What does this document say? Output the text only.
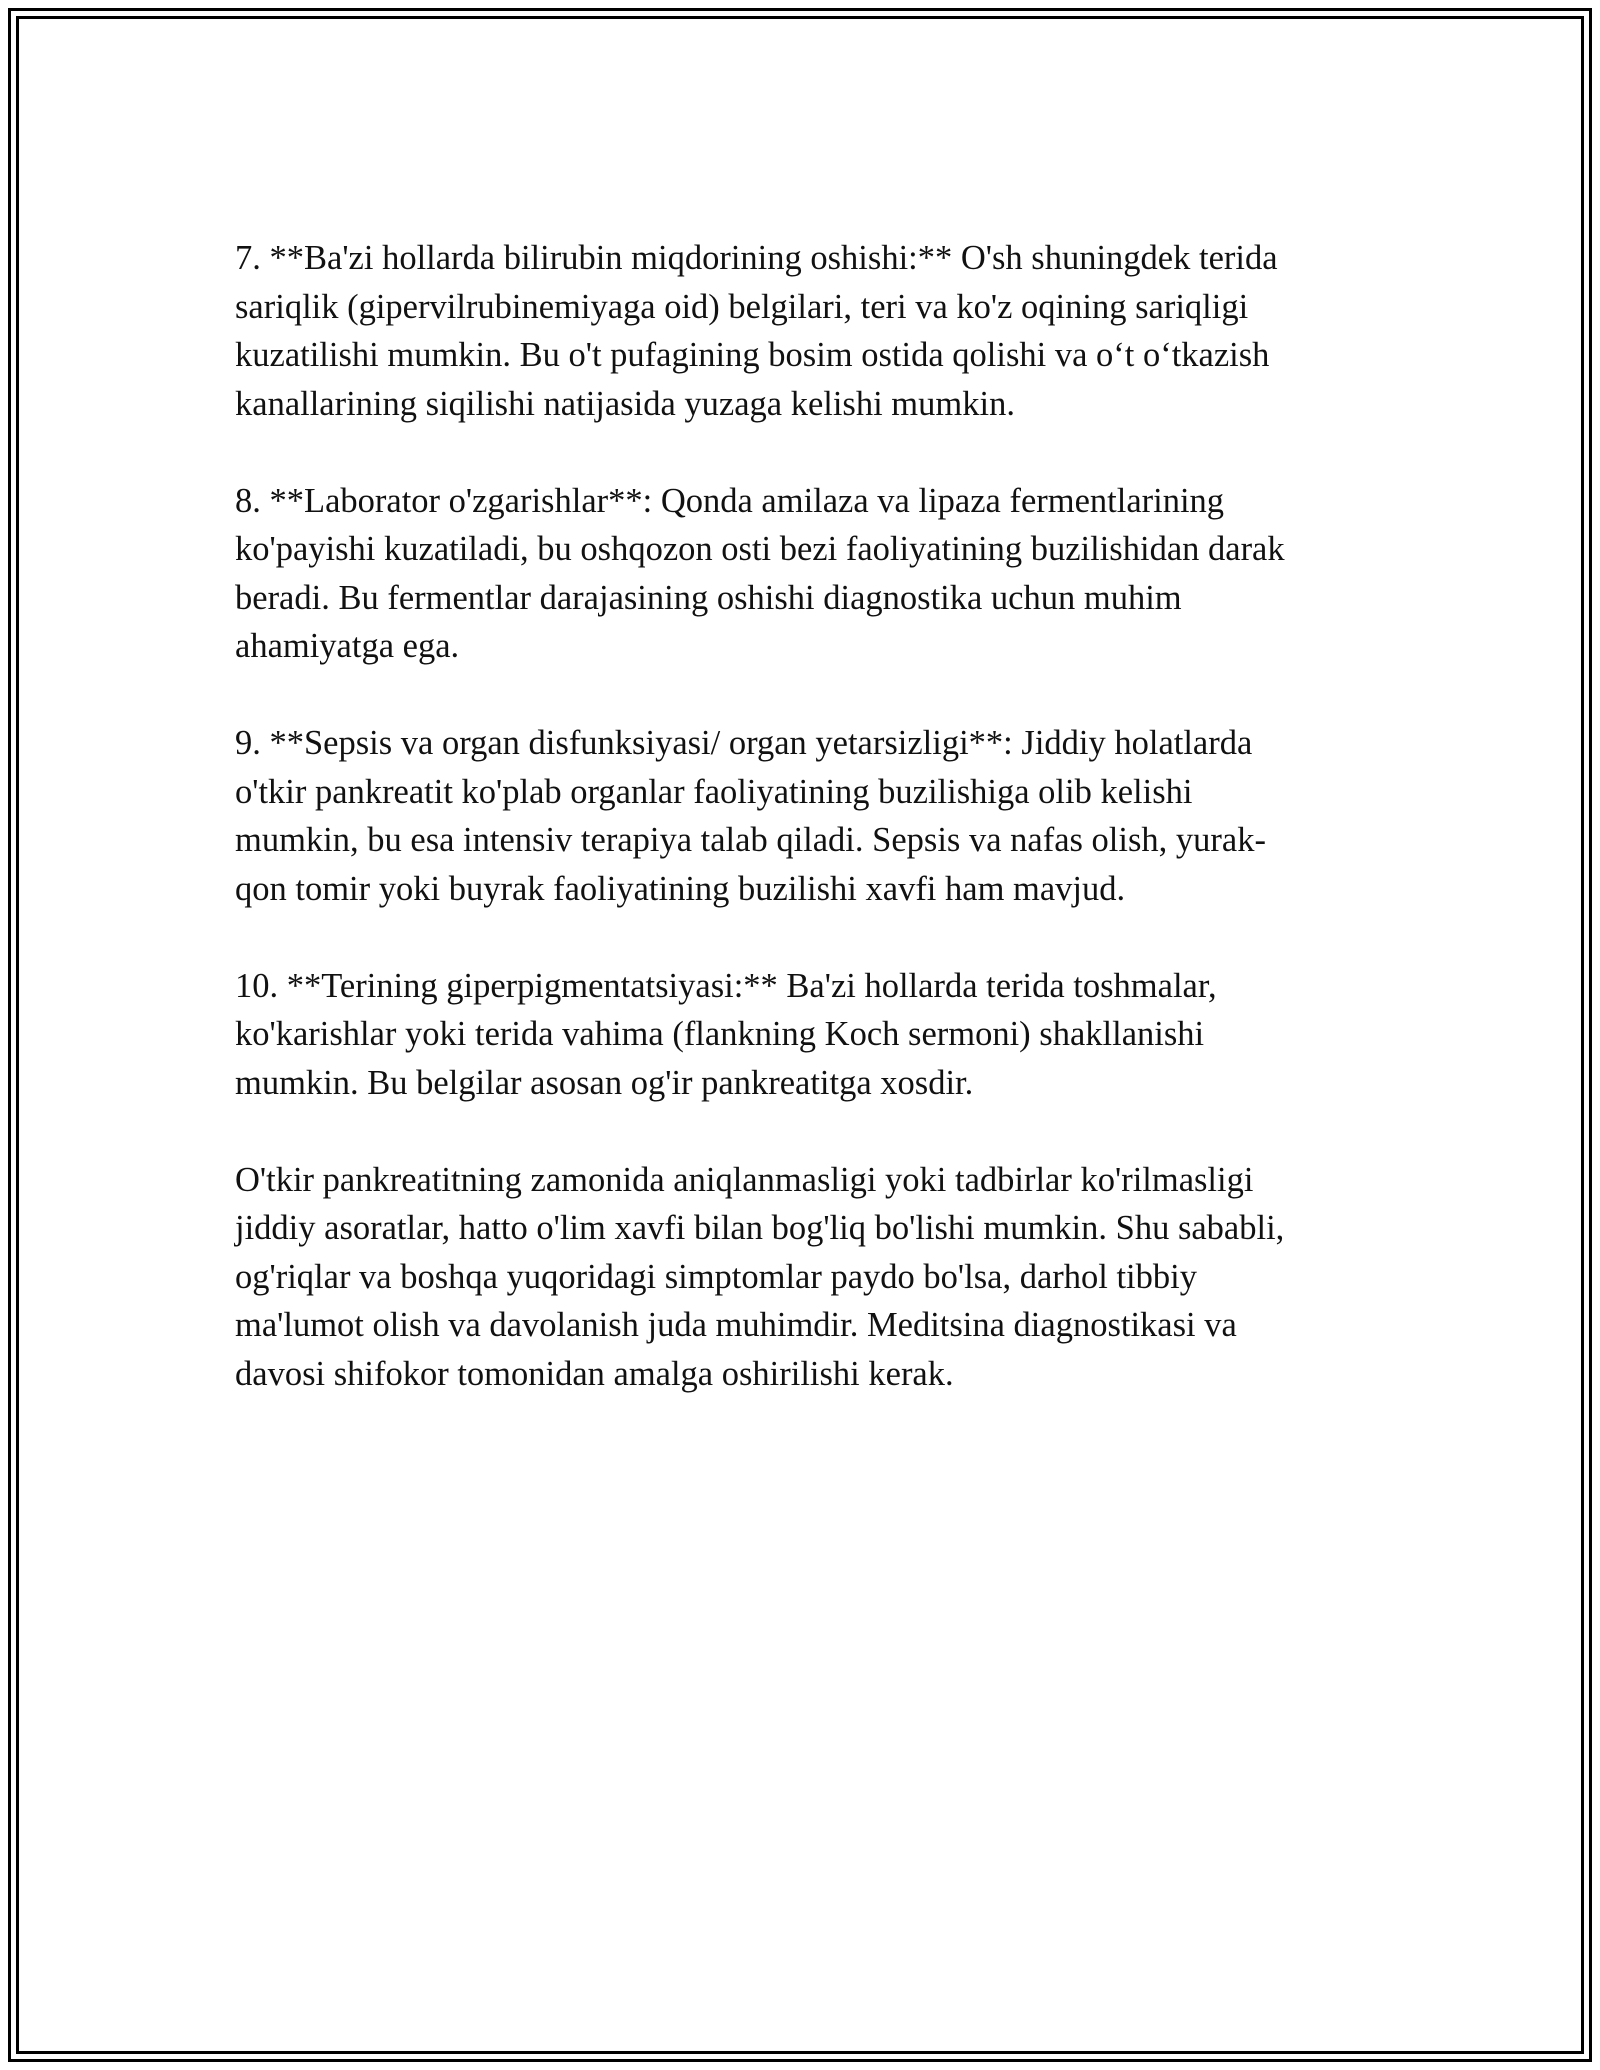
7. **Ba'zi hollarda bilirubin miqdorining oshishi:** O'sh shuningdek terida
sariqlik (gipervilrubinemiyaga oid) belgilari, teri va ko'z oqining sariqligi
kuzatilishi mumkin. Bu o't pufagining bosim ostida qolishi va o‘t o‘tkazish
kanallarining siqilishi natijasida yuzaga kelishi mumkin.

8. **Laborator o'zgarishlar**: Qonda amilaza va lipaza fermentlarining
ko'payishi kuzatiladi, bu oshqozon osti bezi faoliyatining buzilishidan darak
beradi. Bu fermentlar darajasining oshishi diagnostika uchun muhim
ahamiyatga ega.

9. **Sepsis va organ disfunksiyasi/ organ yetarsizligi**: Jiddiy holatlarda
o'tkir pankreatit ko'plab organlar faoliyatining buzilishiga olib kelishi
mumkin, bu esa intensiv terapiya talab qiladi. Sepsis va nafas olish, yurak-
qon tomir yoki buyrak faoliyatining buzilishi xavfi ham mavjud.

10. **Terining giperpigmentatsiyasi:** Ba'zi hollarda terida toshmalar,
ko'karishlar yoki terida vahima (flankning Koch sermoni) shakllanishi
mumkin. Bu belgilar asosan og'ir pankreatitga xosdir.

O'tkir pankreatitning zamonida aniqlanmasligi yoki tadbirlar ko'rilmasligi
jiddiy asoratlar, hatto o'lim xavfi bilan bog'liq bo'lishi mumkin. Shu sababli,
og'riqlar va boshqa yuqoridagi simptomlar paydo bo'lsa, darhol tibbiy
ma'lumot olish va davolanish juda muhimdir. Meditsina diagnostikasi va
davosi shifokor tomonidan amalga oshirilishi kerak.
